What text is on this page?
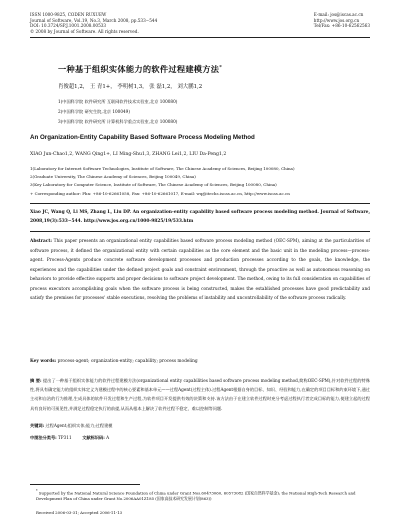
ISSN 1000-9825, CODEN RUXUEW
Journal of Software, Vol.19, No.3, March 2008, pp.533−544
DOI: 10.3724/SP.J.1001.2008.00533
© 2008 by Journal of Software. All rights reserved.
E-mail: jos@iscas.ac.cn
http://www.jos.org.cn
Tel/Fax: +86-10-62562563
一种基于组织实体能力的软件过程建模方法*
肖俊超1,2， 王 青1+， 李明树1,3， 张 磊1,2， 刘大鹏1,2
1(中国科学院 软件研究所 互联网软件技术实验室,北京 100080)
2(中国科学院 研究生院,北京 100049)
3(中国科学院 软件研究所 计算机科学重点实验室,北京 100080)
An Organization-Entity Capability Based Software Process Modeling Method
XIAO Jun-Chao1,2, WANG Qing1+, LI Ming-Shu1,3, ZHANG Lei1,2, LIU Da-Peng1,2
1(Laboratory for Internet Software Technologies, Institute of Software, The Chinese Academy of Sciences, Beijing 100080, China)
2(Graduate University, The Chinese Academy of Sciences, Beijing 100049, China)
3(Key Laboratory for Computer Science, Institute of Software, The Chinese Academy of Sciences, Beijing 100080, China)
+ Corresponding author: Phn: +86-10-62661058, Fax: +86-10-62661017, E-mail: wq@itechs.iscas.ac.cn, http://www.iscas.ac.cn
Xiao JC, Wang Q, Li MS, Zhang L, Liu DP. An organization-entity capability based software process modeling method. Journal of Software, 2008,19(3):533−544. http://www.jos.org.cn/1000-9825/19/533.htm
Abstract: This paper presents an organizational entity capabilities based software process modeling method (OEC-SPM), aiming at the particularities of software process, it defined the organizational entity with certain capabilities as the core element and the basic unit in the modeling process—process-agent. Process-Agents produce concrete software development processes and production processes according to the goals, the knowledge, the experiences and the capabilities under the defined project goals and constraint environment, through the proactive as well as autonomous reasoning on behaviors to provide effective supports and proper decisions to software project development. The method, owing to its full consideration on capabilities of process executors accomplishing goals when the software process is being constructed, makes the established processes have good predictability and satisfy the premises for processes' stable executions, resolving the problems of instability and uncontrollability of the software process radically.
Key words: process-agent; organization-entity; capability; process modeling
摘 要: 提出了一种基于组织实体能力的软件过程建模方法(organizational entity capabilities based software process modeling method,简称OEC-SPM),针对软件过程的特殊性,将具有确定能力的组织实体定义为建模过程中的核心要素和基本单元——过程Agent(过程主体).过程Agent根据自身的目标、知识、经验和能力,在确定的项目目标和约束环境下,通过主动和自治的行为推理,生成具体的软件开发过程和生产过程,为软件项目开发提供有效的决策和支持.该方法由于在建立软件过程时充分考虑过程执行者完成目标的能力,使建立起的过程具有良好的可预见性,并满足过程稳定执行的前提,从而从根本上解决了软件过程不稳定、难以控制等问题.
关键词: 过程Agent;组织实体;能力;过程建模
中图法分类号: TP311	文献标识码: A
* Supported by the National Natural Science Foundation of China under Grant Nos.60473060, 60573082 (国家自然科学基金); the National High-Tech Research and Development Plan of China under Grant No.2006AA01Z185 (国家高技术研究发展计划(863))
Received 2006-03-31; Accepted 2006-11-13
